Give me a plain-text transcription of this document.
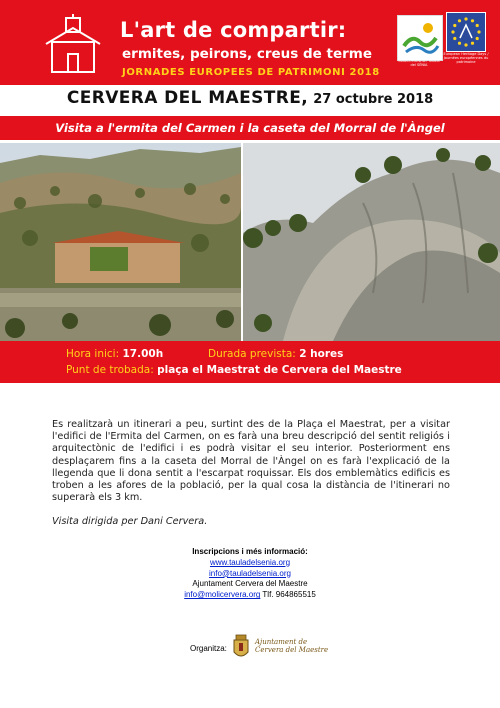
L'art de compartir:
ermites, peirons, creus de terme
JORNADES EUROPEES DE PATRIMONI 2018
MANCOMUNITAT TAULA del SÉNIA
European Heritage Days / Journées européennes du patrimoine
CERVERA DEL MAESTRE, 27 octubre 2018
Visita a l'ermita del Carmen i la caseta del Morral de l'Àngel
Hora inici: 17.00h	Durada prevista: 2 hores
Punt de trobada: plaça el Maestrat de Cervera del Maestre
Es realitzarà un itinerari a peu, surtint des de la Plaça el Maestrat, per a visitar l'edifici de l'Ermita del Carmen, on es farà una breu descripció del sentit religiós i arquitectònic de l'edifici i es podrà visitar el seu interior. Posteriorment ens desplaçarem fins a la caseta del Morral de l'Àngel on es farà l'explicació de la llegenda que li dona sentit a l'escarpat roquissar. Els dos emblemàtics edificis es troben a les afores de la població, per la qual cosa la distància de l'itinerari no superarà els 3 km.
Visita dirigida per Dani Cervera.
Inscripcions i més informació:
www.tauladelsenia.org
info@tauladelsenia.org
Ajuntament Cervera del Maestre
info@molicervera.org Tlf. 964865515
Organitza:
Ajuntament de
Cervera del Maestre
